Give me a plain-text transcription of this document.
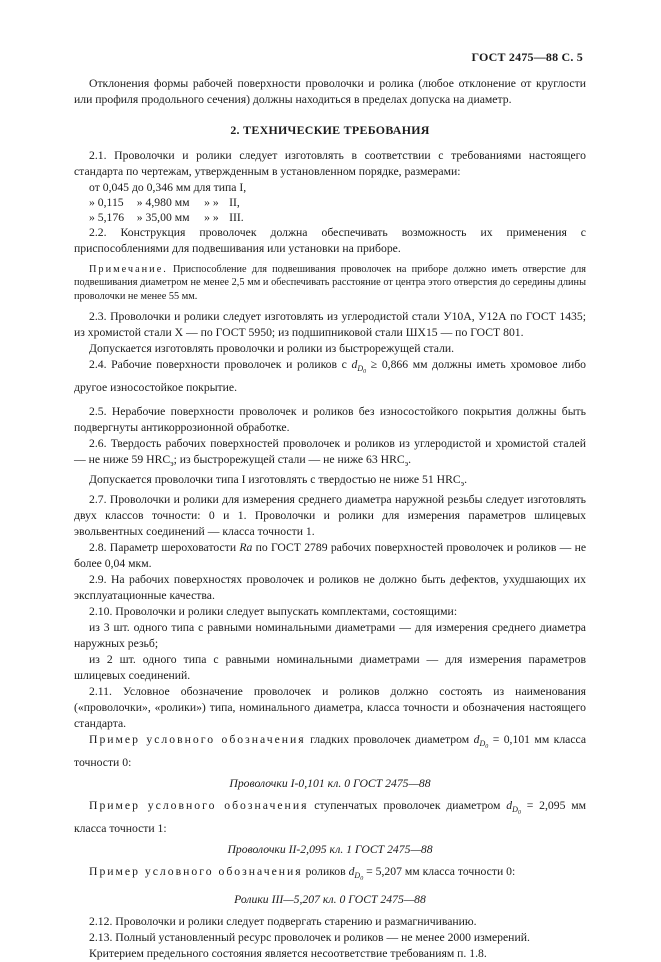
ГОСТ 2475—88 С. 5

Отклонения формы рабочей поверхности проволочки и ролика (любое отклонение от круглости или профиля продольного сечения) должны находиться в пределах допуска на диаметр.

2. ТЕХНИЧЕСКИЕ ТРЕБОВАНИЯ

2.1. Проволочки и ролики следует изготовлять в соответствии с требованиями настоящего стандарта по чертежам, утвержденным в установленном порядке, размерами:

от 0,045 до 0,346 мм для типа I,			
» 0,115	» 4,980 мм	» »	II,
» 5,176	» 35,00 мм	» »	III.

2.2. Конструкция проволочек должна обеспечивать возможность их применения с приспособлениями для подвешивания или установки на приборе.

Примечание. Приспособление для подвешивания проволочек на приборе должно иметь отверстие для подвешивания диаметром не менее 2,5 мм и обеспечивать расстояние от центра этого отверстия до середины длины проволочки не менее 55 мм.

2.3. Проволочки и ролики следует изготовлять из углеродистой стали У10А, У12А по ГОСТ 1435; из хромистой стали Х — по ГОСТ 5950; из подшипниковой стали ШХ15 — по ГОСТ 801.

Допускается изготовлять проволочки и ролики из быстрорежущей стали.

2.4. Рабочие поверхности проволочек и роликов с $d_{D_0} \ge 0,866$ мм должны иметь хромовое либо другое износостойкое покрытие.

2.5. Нерабочие поверхности проволочек и роликов без износостойкого покрытия должны быть подвергнуты антикоррозионной обработке.

2.6. Твердость рабочих поверхностей проволочек и роликов из углеродистой и хромистой сталей — не ниже 59 $HRC_э$; из быстрорежущей стали — не ниже 63 $HRC_э$.

Допускается проволочки типа I изготовлять с твердостью не ниже 51 $HRC_э$.

2.7. Проволочки и ролики для измерения среднего диаметра наружной резьбы следует изготовлять двух классов точности: 0 и 1. Проволочки и ролики для измерения параметров шлицевых эвольвентных соединений — класса точности 1.

2.8. Параметр шероховатости Ra по ГОСТ 2789 рабочих поверхностей проволочек и роликов — не более 0,04 мкм.

2.9. На рабочих поверхностях проволочек и роликов не должно быть дефектов, ухудшающих их эксплуатационные качества.

2.10. Проволочки и ролики следует выпускать комплектами, состоящими:

из 3 шт. одного типа с равными номинальными диаметрами — для измерения среднего диаметра наружных резьб;

из 2 шт. одного типа с равными номинальными диаметрами — для измерения параметров шлицевых соединений.

2.11. Условное обозначение проволочек и роликов должно состоять из наименования («проволочки», «ролики») типа, номинального диаметра, класса точности и обозначения настоящего стандарта.

Пример условного обозначения гладких проволочек диаметром $d_{D_0} = 0,101$ мм класса точности 0:

Проволочки I-0,101 кл. 0 ГОСТ 2475—88

Пример условного обозначения ступенчатых проволочек диаметром $d_{D_0} = 2,095$ мм класса точности 1:

Проволочки II-2,095 кл. 1 ГОСТ 2475—88

Пример условного обозначения роликов $d_{D_0} = 5,207$ мм класса точности 0:

Ролики III—5,207 кл. 0 ГОСТ 2475—88

2.12. Проволочки и ролики следует подвергать старению и размагничиванию.

2.13. Полный установленный ресурс проволочек и роликов — не менее 2000 измерений.

Критерием предельного состояния является несоответствие требованиям п. 1.8.
